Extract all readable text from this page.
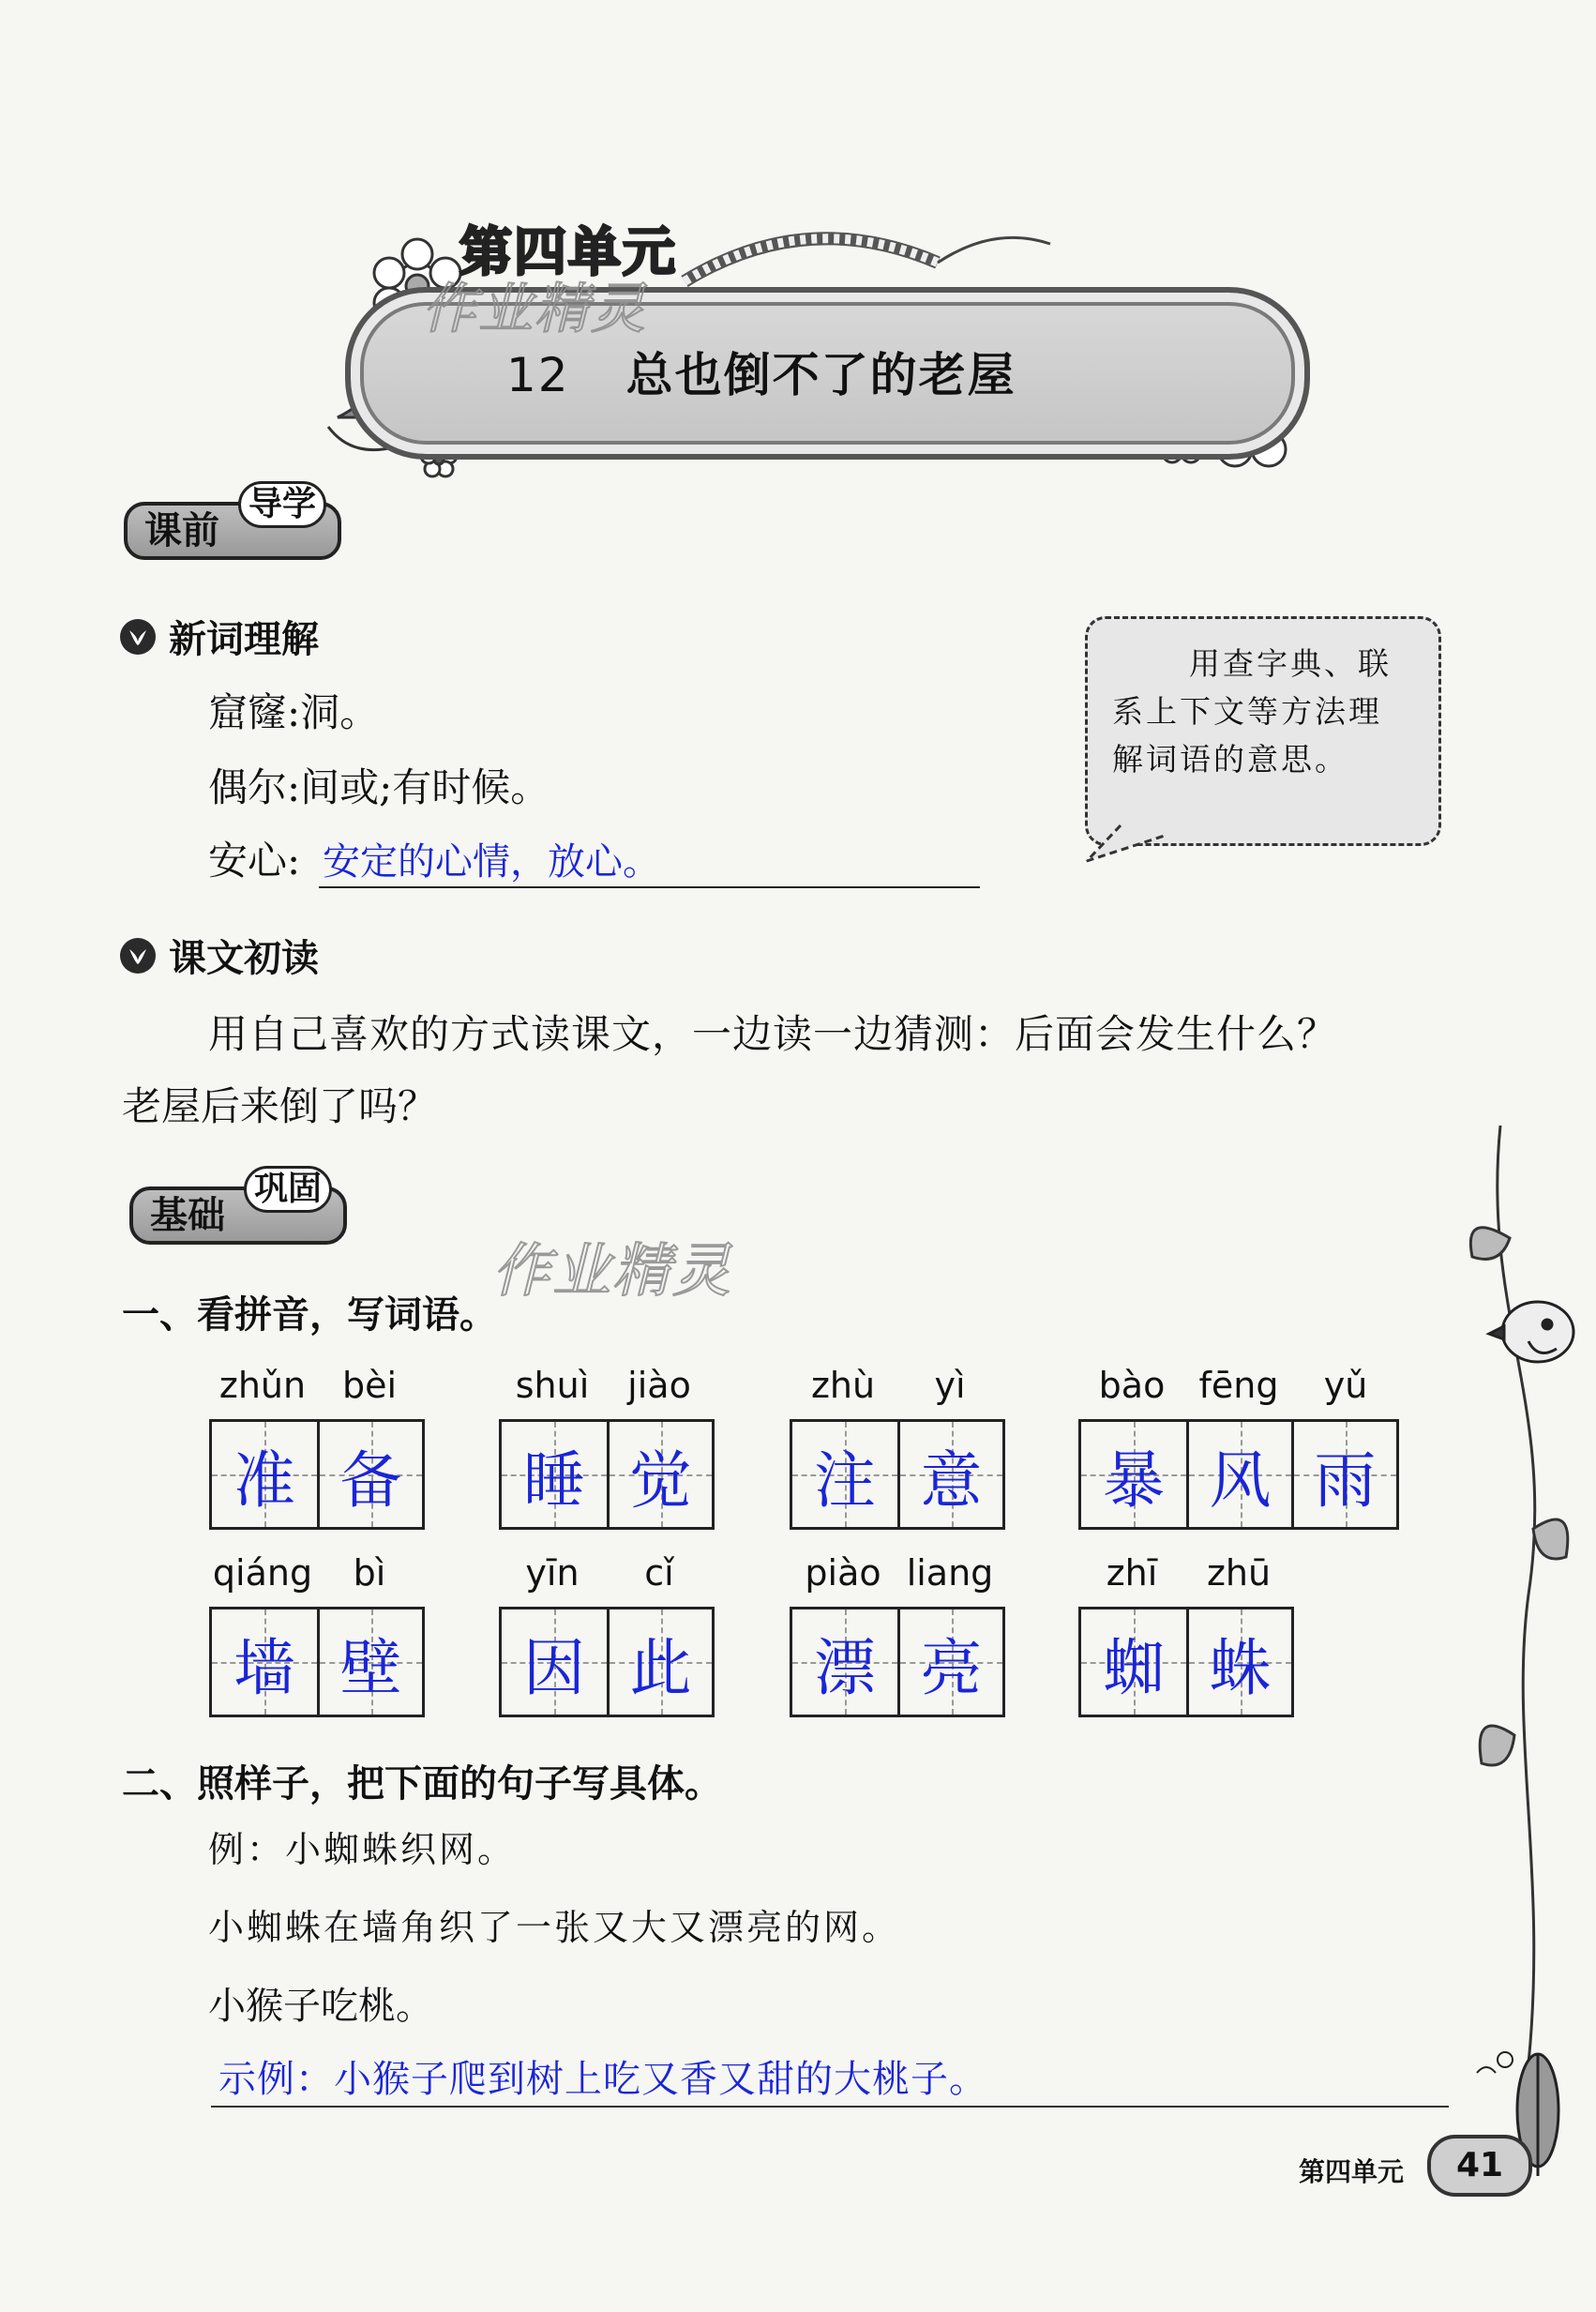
第四单元
作业精灵
12 总也倒不了的老屋
课前
导学
新词理解
窟窿:洞。
偶尔:间或;有时候。
安心: 安定的心情，放心。
用查字典、联
系上下文等方法理
解词语的意思。
课文初读
用自己喜欢的方式读课文，一边读一边猜测：后面会发生什么？
老屋后来倒了吗？
基础
巩固
作业精灵
一、看拼音，写词语。
zhǔn	bèi
准 备
shuì	jiào
睡 觉
zhù	yì
注 意
bào fēng	yǔ
暴 风 雨
qiáng	bì
墙 壁
yīn	cǐ
因 此
piào liang
漂 亮
zhī	zhū
蜘 蛛
二、照样子，把下面的句子写具体。
例：小蜘蛛织网。
小蜘蛛在墙角织了一张又大又漂亮的网。
小猴子吃桃。
示例：小猴子爬到树上吃又香又甜的大桃子。
第四单元	41
